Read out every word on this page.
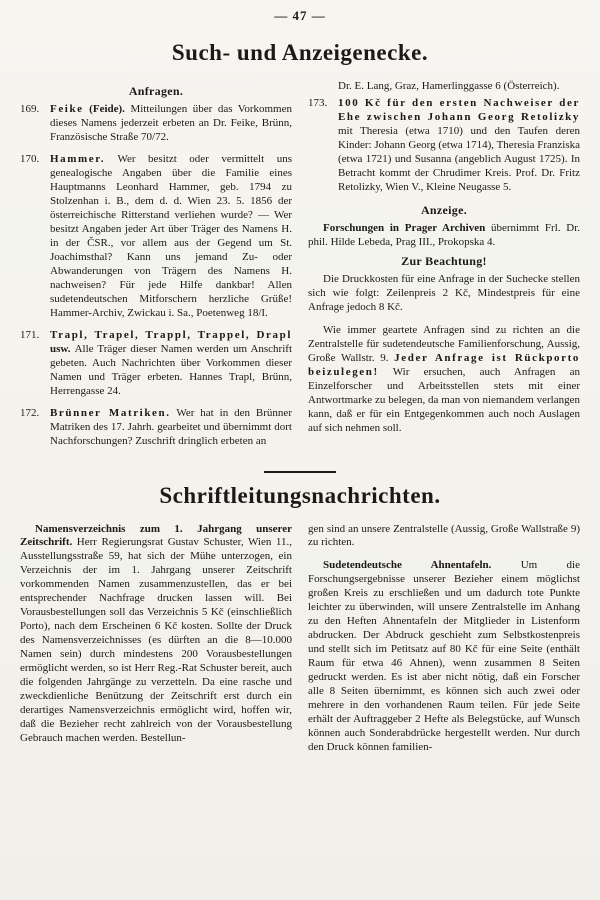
— 47 —
Such- und Anzeigenecke.
Anfragen.
169. Feike (Feide). Mitteilungen über das Vorkommen dieses Namens jederzeit erbeten an Dr. Feike, Brünn, Französische Straße 70/72.
170. Hammer. Wer besitzt oder vermittelt uns genealogische Angaben über die Familie eines Hauptmanns Leonhard Hammer, geb. 1794 zu Stolzenhan i. B., dem d. d. Wien 23. 5. 1856 der österreichische Ritterstand verliehen wurde? — Wer besitzt Angaben jeder Art über Träger des Namens H. in der ČSR., vor allem aus der Gegend um St. Joachimsthal? Kann uns jemand Zu- oder Abwanderungen von Trägern des Namens H. nachweisen? Für jede Hilfe dankbar! Allen sudetendeutschen Mitforschern herzliche Grüße! Hammer-Archiv, Zwickau i. Sa., Poetenweg 18/I.
171. Trapl, Trapel, Trappl, Trappel, Drapl usw. Alle Träger dieser Namen werden um Anschrift gebeten. Auch Nachrichten über Vorkommen dieser Namen und Träger erbeten. Hannes Trapl, Brünn, Herrengasse 24.
172. Brünner Matriken. Wer hat in den Brünner Matriken des 17. Jahrh. gearbeitet und übernimmt dort Nachforschungen? Zuschrift dringlich erbeten an

Dr. E. Lang, Graz, Hamerlinggasse 6 (Österreich).

173. 100 Kč für den ersten Nachweiser der Ehe zwischen Johann Georg Retolizky mit Theresia (etwa 1710) und den Taufen deren Kinder: Johann Georg (etwa 1714), Theresia Franziska (etwa 1721) und Susanna (angeblich August 1725). In Betracht kommt der Chrudimer Kreis. Prof. Dr. Fritz Retolizky, Wien V., Kleine Neugasse 5.
Anzeige.

Forschungen in Prager Archiven übernimmt Frl. Dr. phil. Hilde Lebeda, Prag III., Prokopska 4.

Zur Beachtung!

Die Druckkosten für eine Anfrage in der Suchecke stellen sich wie folgt: Zeilenpreis 2 Kč, Mindestpreis für eine Anfrage jedoch 8 Kč.

Wie immer geartete Anfragen sind zu richten an die Zentralstelle für sudetendeutsche Familienforschung, Aussig, Große Wallstr. 9. Jeder Anfrage ist Rückporto beizulegen! Wir ersuchen, auch Anfragen an Einzelforscher und Arbeitsstellen stets mit einer Antwortmarke zu belegen, da man von niemandem verlangen kann, daß er für ein Entgegenkommen auch noch Auslagen auf sich nehmen soll.

Schriftleitungsnachrichten.

Namensverzeichnis zum 1. Jahrgang unserer Zeitschrift. Herr Regierungsrat Gustav Schuster, Wien 11., Ausstellungsstraße 59, hat sich der Mühe unterzogen, ein Verzeichnis der im 1. Jahrgang unserer Zeitschrift vorkommenden Namen zusammenzustellen, das er bei entsprechender Nachfrage drucken lassen will. Bei Vorausbestellungen soll das Verzeichnis 5 Kč (einschließlich Porto), nach dem Erscheinen 6 Kč kosten. Sollte der Druck des Namensverzeichnisses (es dürften an die 8—10.000 Namen sein) durch mindestens 200 Vorausbestellungen ermöglicht werden, so ist Herr Reg.-Rat Schuster bereit, auch die folgenden Jahrgänge zu verzetteln. Da eine rasche und zweckdienliche Benützung der Zeitschrift erst durch ein derartiges Namensverzeichnis ermöglicht wird, hoffen wir, daß die Bezieher recht zahlreich von der Vorausbestellung Gebrauch machen werden. Bestellun-

gen sind an unsere Zentralstelle (Aussig, Große Wallstraße 9) zu richten.

Sudetendeutsche Ahnentafeln. Um die Forschungsergebnisse unserer Bezieher einem möglichst großen Kreis zu erschließen und um dadurch tote Punkte leichter zu überwinden, will unsere Zentralstelle im Anhang zu den Heften Ahnentafeln der Mitglieder in Listenform abdrucken. Der Abdruck geschieht zum Selbstkostenpreis und stellt sich im Petitsatz auf 80 Kč für eine Seite (enthält Raum für etwa 46 Ahnen), wenn zusammen 8 Seiten gedruckt werden. Es ist aber nicht nötig, daß ein Forscher alle 8 Seiten übernimmt, es können sich auch zwei oder mehrere in den vorhandenen Raum teilen. Für jede Seite erhält der Auftraggeber 2 Hefte als Belegstücke, auf Wunsch können auch Sonderabdrücke hergestellt werden. Nur durch den Druck können familien-
